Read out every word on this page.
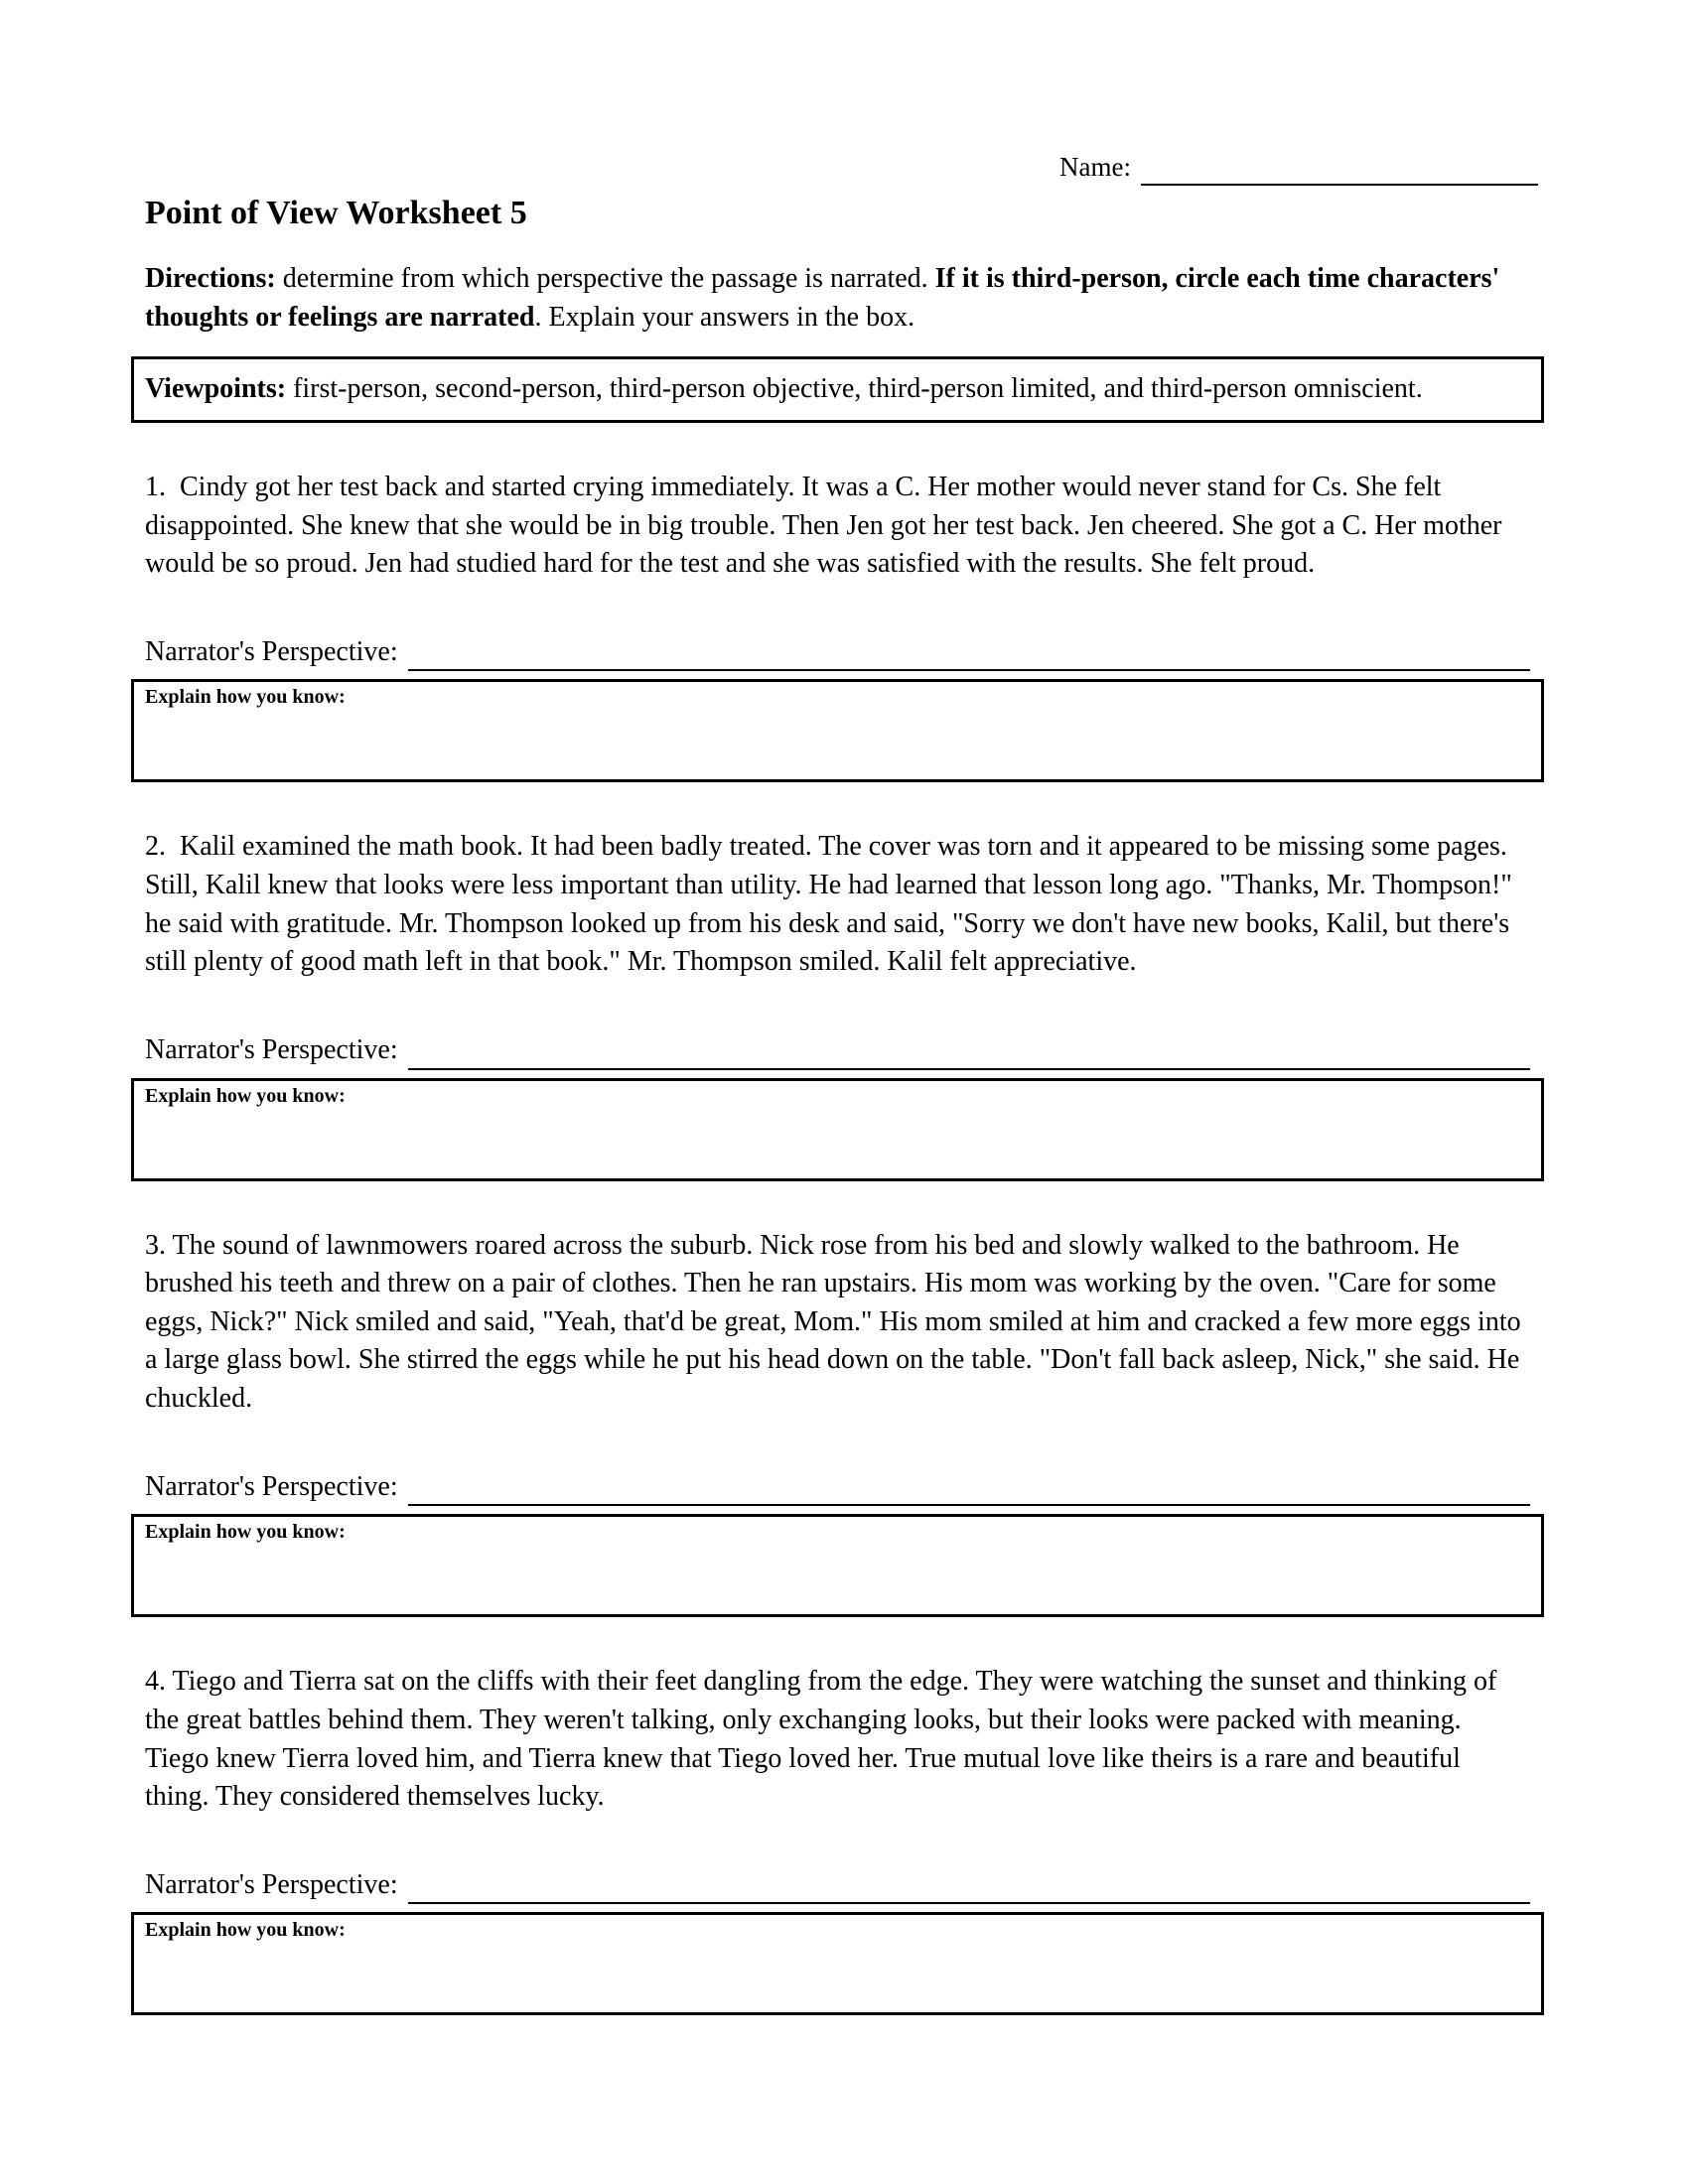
Name:
Point of View Worksheet 5

Directions: determine from which perspective the passage is narrated. If it is third-person, circle each time characters' thoughts or feelings are narrated. Explain your answers in the box.

Viewpoints: first-person, second-person, third-person objective, third-person limited, and third-person omniscient.

1.  Cindy got her test back and started crying immediately. It was a C. Her mother would never stand for Cs. She felt disappointed. She knew that she would be in big trouble. Then Jen got her test back. Jen cheered. She got a C. Her mother would be so proud. Jen had studied hard for the test and she was satisfied with the results. She felt proud.

Narrator's Perspective:
Explain how you know:

2.  Kalil examined the math book. It had been badly treated. The cover was torn and it appeared to be missing some pages. Still, Kalil knew that looks were less important than utility. He had learned that lesson long ago. "Thanks, Mr. Thompson!" he said with gratitude. Mr. Thompson looked up from his desk and said, "Sorry we don't have new books, Kalil, but there's still plenty of good math left in that book." Mr. Thompson smiled. Kalil felt appreciative.

Narrator's Perspective:
Explain how you know:

3. The sound of lawnmowers roared across the suburb. Nick rose from his bed and slowly walked to the bathroom. He brushed his teeth and threw on a pair of clothes. Then he ran upstairs. His mom was working by the oven. "Care for some eggs, Nick?" Nick smiled and said, "Yeah, that'd be great, Mom." His mom smiled at him and cracked a few more eggs into a large glass bowl. She stirred the eggs while he put his head down on the table. "Don't fall back asleep, Nick," she said. He chuckled.

Narrator's Perspective:
Explain how you know:

4. Tiego and Tierra sat on the cliffs with their feet dangling from the edge. They were watching the sunset and thinking of the great battles behind them. They weren't talking, only exchanging looks, but their looks were packed with meaning. Tiego knew Tierra loved him, and Tierra knew that Tiego loved her. True mutual love like theirs is a rare and beautiful thing. They considered themselves lucky.

Narrator's Perspective:
Explain how you know:
